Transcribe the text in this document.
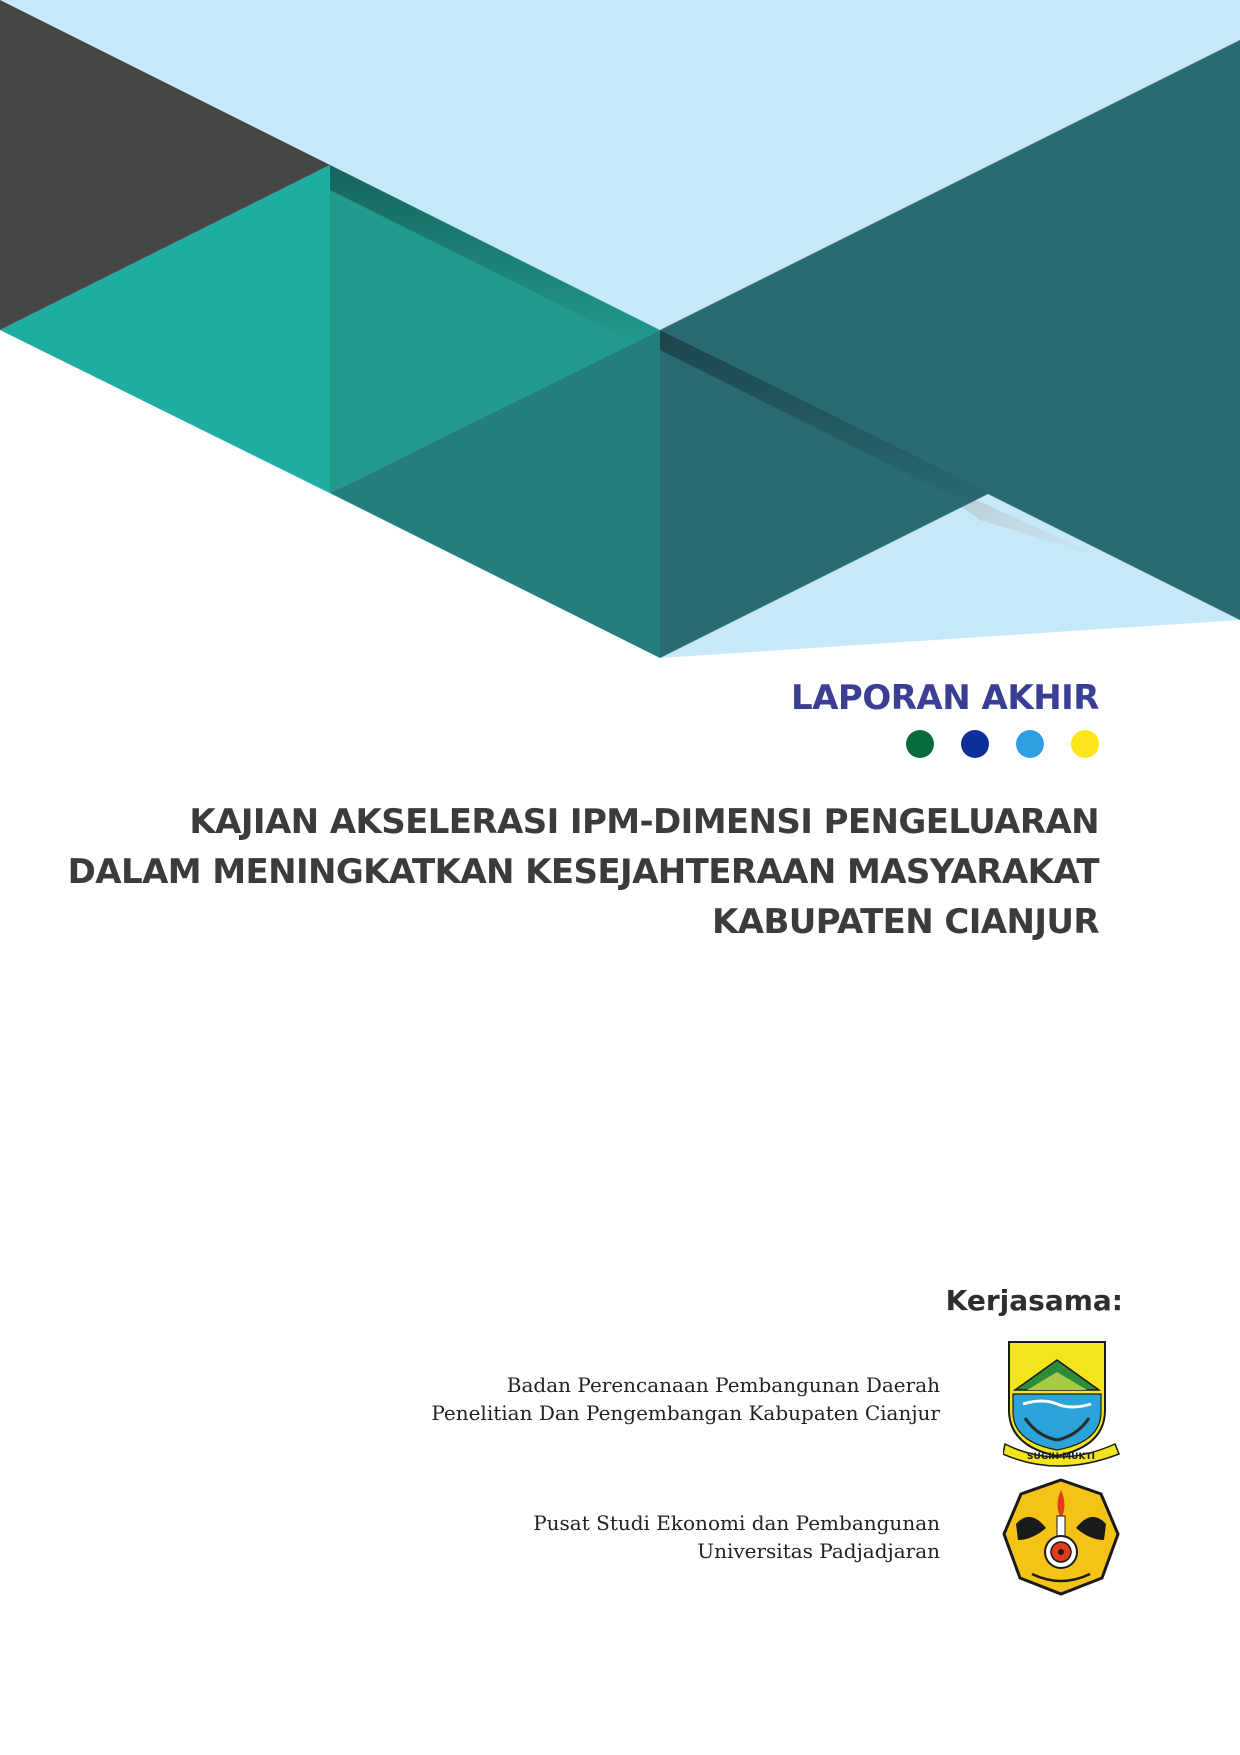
LAPORAN AKHIR
KAJIAN AKSELERASI IPM-DIMENSI PENGELUARAN
DALAM MENINGKATKAN KESEJAHTERAAN MASYARAKAT
KABUPATEN CIANJUR
Kerjasama:
Badan Perencanaan Pembangunan Daerah
Penelitian Dan Pengembangan Kabupaten Cianjur
SUGIH MUKTI
Pusat Studi Ekonomi dan Pembangunan
Universitas Padjadjaran
